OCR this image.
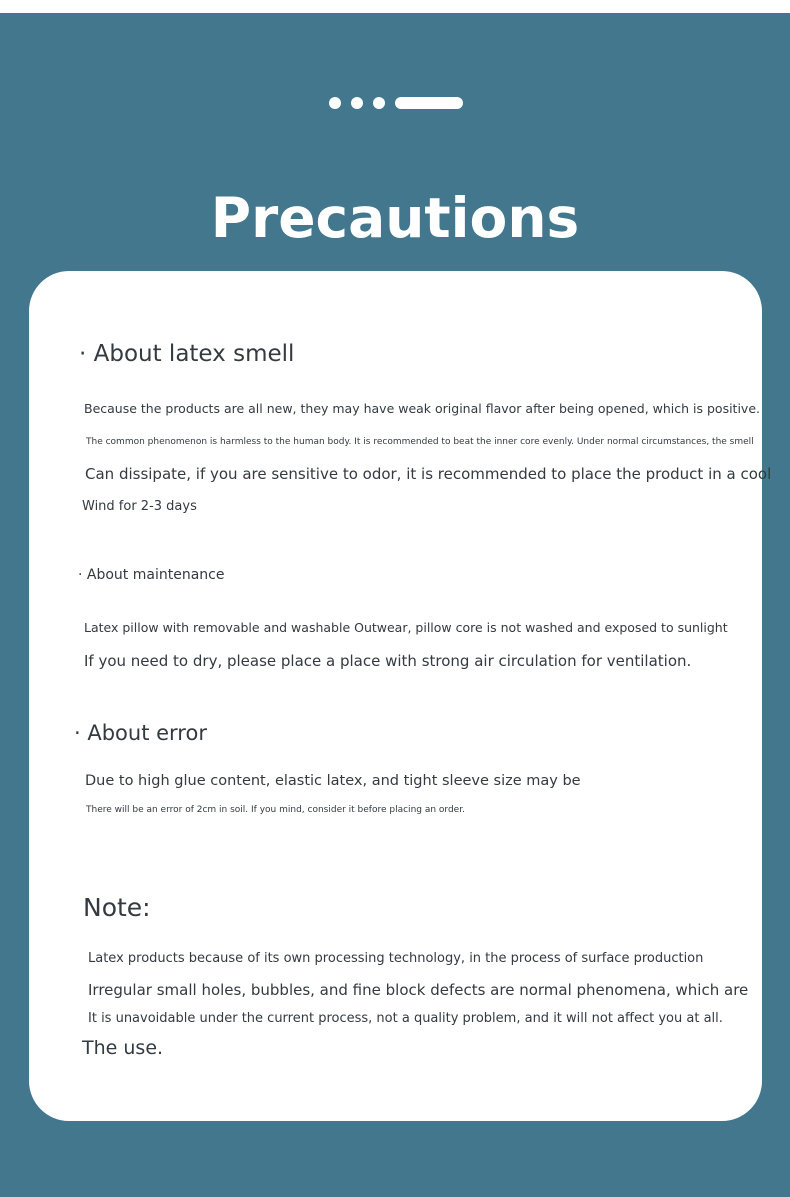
Precautions
· About latex smell
Because the products are all new, they may have weak original flavor after being opened, which is positive.
The common phenomenon is harmless to the human body. It is recommended to beat the inner core evenly. Under normal circumstances, the smell
Can dissipate, if you are sensitive to odor, it is recommended to place the product in a cool
Wind for 2-3 days
· About maintenance
Latex pillow with removable and washable Outwear, pillow core is not washed and exposed to sunlight
If you need to dry, please place a place with strong air circulation for ventilation.
· About error
Due to high glue content, elastic latex, and tight sleeve size may be
There will be an error of 2cm in soil. If you mind, consider it before placing an order.
Note:
Latex products because of its own processing technology, in the process of surface production
Irregular small holes, bubbles, and fine block defects are normal phenomena, which are
It is unavoidable under the current process, not a quality problem, and it will not affect you at all.
The use.
